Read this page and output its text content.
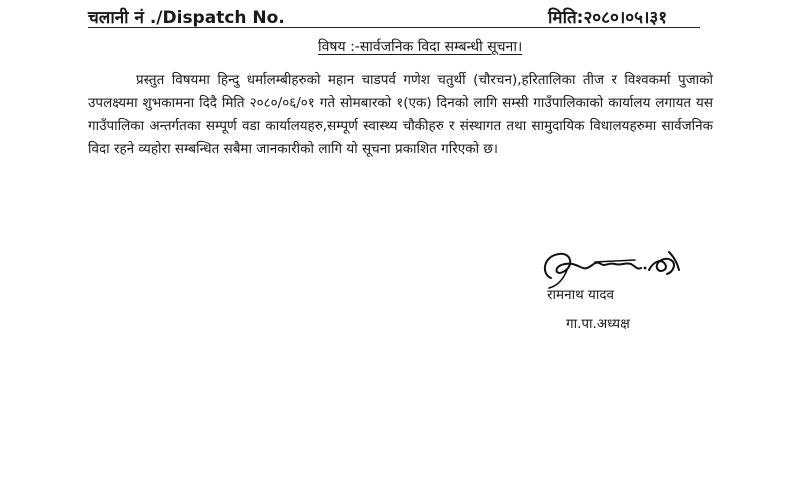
चलानी नं ./Dispatch No.	मिति:२०८०।०५।३१
विषय :-सार्वजनिक विदा सम्बन्धी सूचना।

प्रस्तुत विषयमा हिन्दु धर्मालम्बीहरुको महान चाडपर्व गणेश चतुर्थी (चौरचन),हरितालिका तीज र विश्वकर्मा पुजाको उपलक्ष्यमा शुभकामना दिदै मिति २०८०/०६/०१ गते सोमबारको १(एक) दिनको लागि सम्सी गाउँपालिकाको कार्यालय लगायत यस गाउँपालिका अन्तर्गतका सम्पूर्ण वडा कार्यालयहरु,सम्पूर्ण स्वास्थ्य चौकीहरु र संस्थागत तथा सामुदायिक विधालयहरुमा सार्वजनिक विदा रहने व्यहोरा सम्बन्धित सबैमा जानकारीको लागि यो सूचना प्रकाशित गरिएको छ।

रामनाथ यादव
गा.पा.अध्यक्ष
